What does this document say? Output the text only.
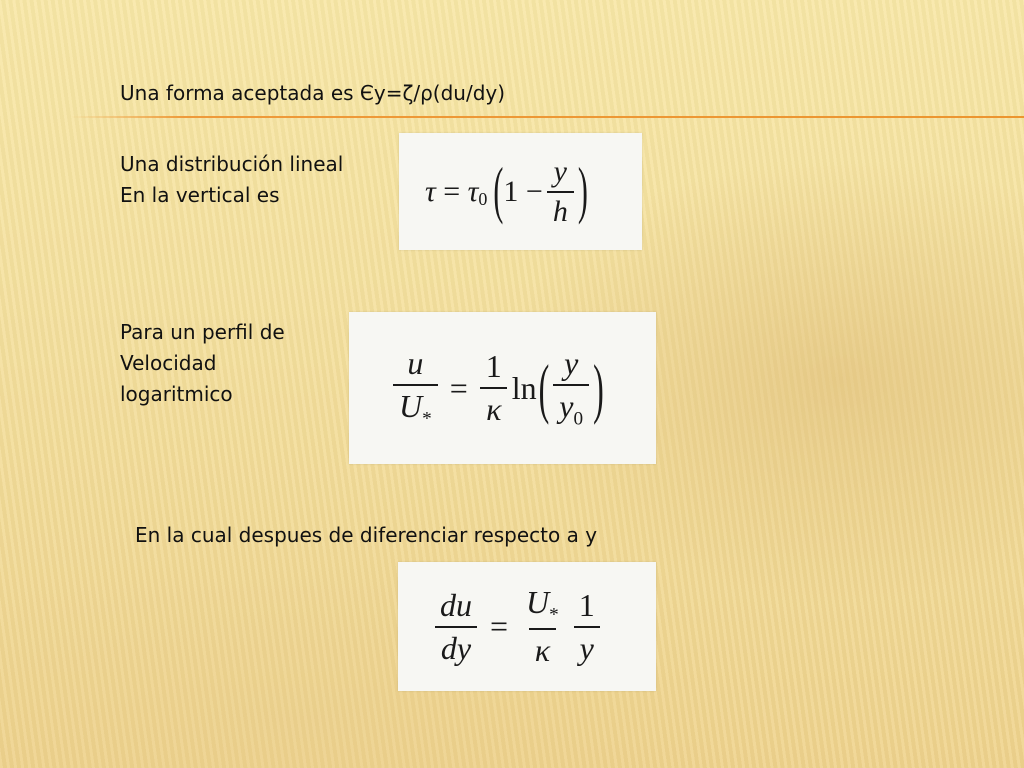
Una forma aceptada es Єy=ζ/ρ(du/dy)
Una distribución lineal
En la vertical es
Para un perfil de
Velocidad
logaritmico
En la cual despues de diferenciar respecto a y
$\tau = \tau_0$ ( $1 - \frac{y}{h}$ )
$\frac{u}{U_*} = \frac{1}{\kappa}$ ln ( $\frac{y}{y_0}$ )
$\frac{du}{dy} = \frac{U_*}{\kappa} \frac{1}{y}$
